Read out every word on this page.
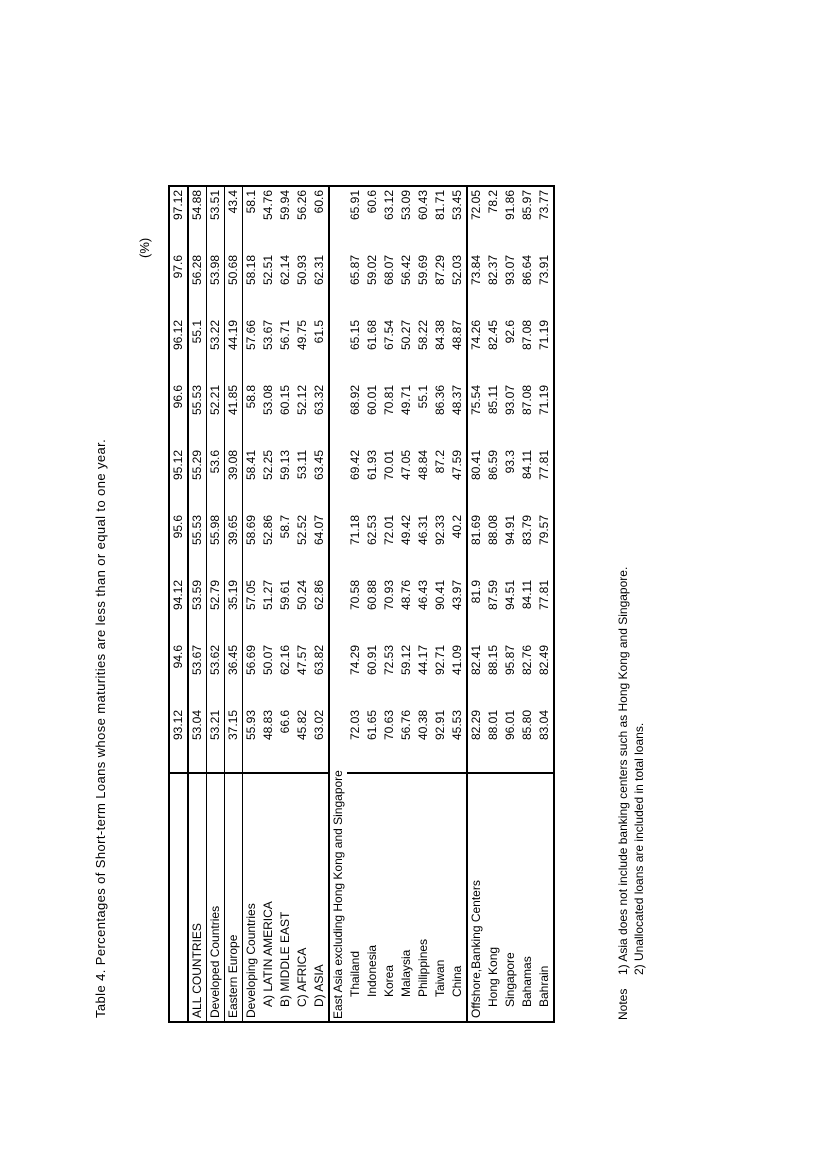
Table 4. Percentages of Short-term Loans whose maturities are less than or equal to one year.
(%)
	93.12	94.6	94.12	95.6	95.12	96.6	96.12	97.6	97.12
ALL COUNTRIES	53.04	53.67	53.59	55.53	55.29	55.53	55.1	56.28	54.88
Developed Countries	53.21	53.62	52.79	55.98	53.6	52.21	53.22	53.98	53.51
Eastern Europe	37.15	36.45	35.19	39.65	39.08	41.85	44.19	50.68	43.4
Developing Countries	55.93	56.69	57.05	58.69	58.41	58.8	57.66	58.18	58.1
A) LATIN AMERICA	48.83	50.07	51.27	52.86	52.25	53.08	53.67	52.51	54.76
B) MIDDLE EAST	66.6	62.16	59.61	58.7	59.13	60.15	56.71	62.14	59.94
C) AFRICA	45.82	47.57	50.24	52.52	53.11	52.12	49.75	50.93	56.26
D) ASIA	63.02	63.82	62.86	64.07	63.45	63.32	61.5	62.31	60.6

East Asia excluding Hong Kong and Singapore									

Thailand	72.03	74.29	70.58	71.18	69.42	68.92	65.15	65.87	65.91
Indonesia	61.65	60.91	60.88	62.53	61.93	60.01	61.68	59.02	60.6
Korea	70.63	72.53	70.93	72.01	70.01	70.81	67.54	68.07	63.12
Malaysia	56.76	59.12	48.76	49.42	47.05	49.71	50.27	56.42	53.09
Philippines	40.38	44.17	46.43	46.31	48.84	55.1	58.22	59.69	60.43
Taiwan	92.91	92.71	90.41	92.33	87.2	86.36	84.38	87.29	81.71
China	45.53	41.09	43.97	40.2	47.59	48.37	48.87	52.03	53.45
Offshore,Banking Centers	82.29	82.41	81.9	81.69	80.41	75.54	74.26	73.84	72.05
Hong Kong	88.01	88.15	87.59	88.08	86.59	85.11	82.45	82.37	78.2
Singapore	96.01	95.87	94.51	94.91	93.3	93.07	92.6	93.07	91.86
Bahamas	85.80	82.76	84.11	83.79	84.11	87.08	87.08	86.64	85.97
Bahrain	83.04	82.49	77.81	79.57	77.81	71.19	71.19	73.91	73.77
Notes
1) Asia does not include banking centers such as Hong Kong and Singapore. 2) Unallocated loans are included in total loans.
